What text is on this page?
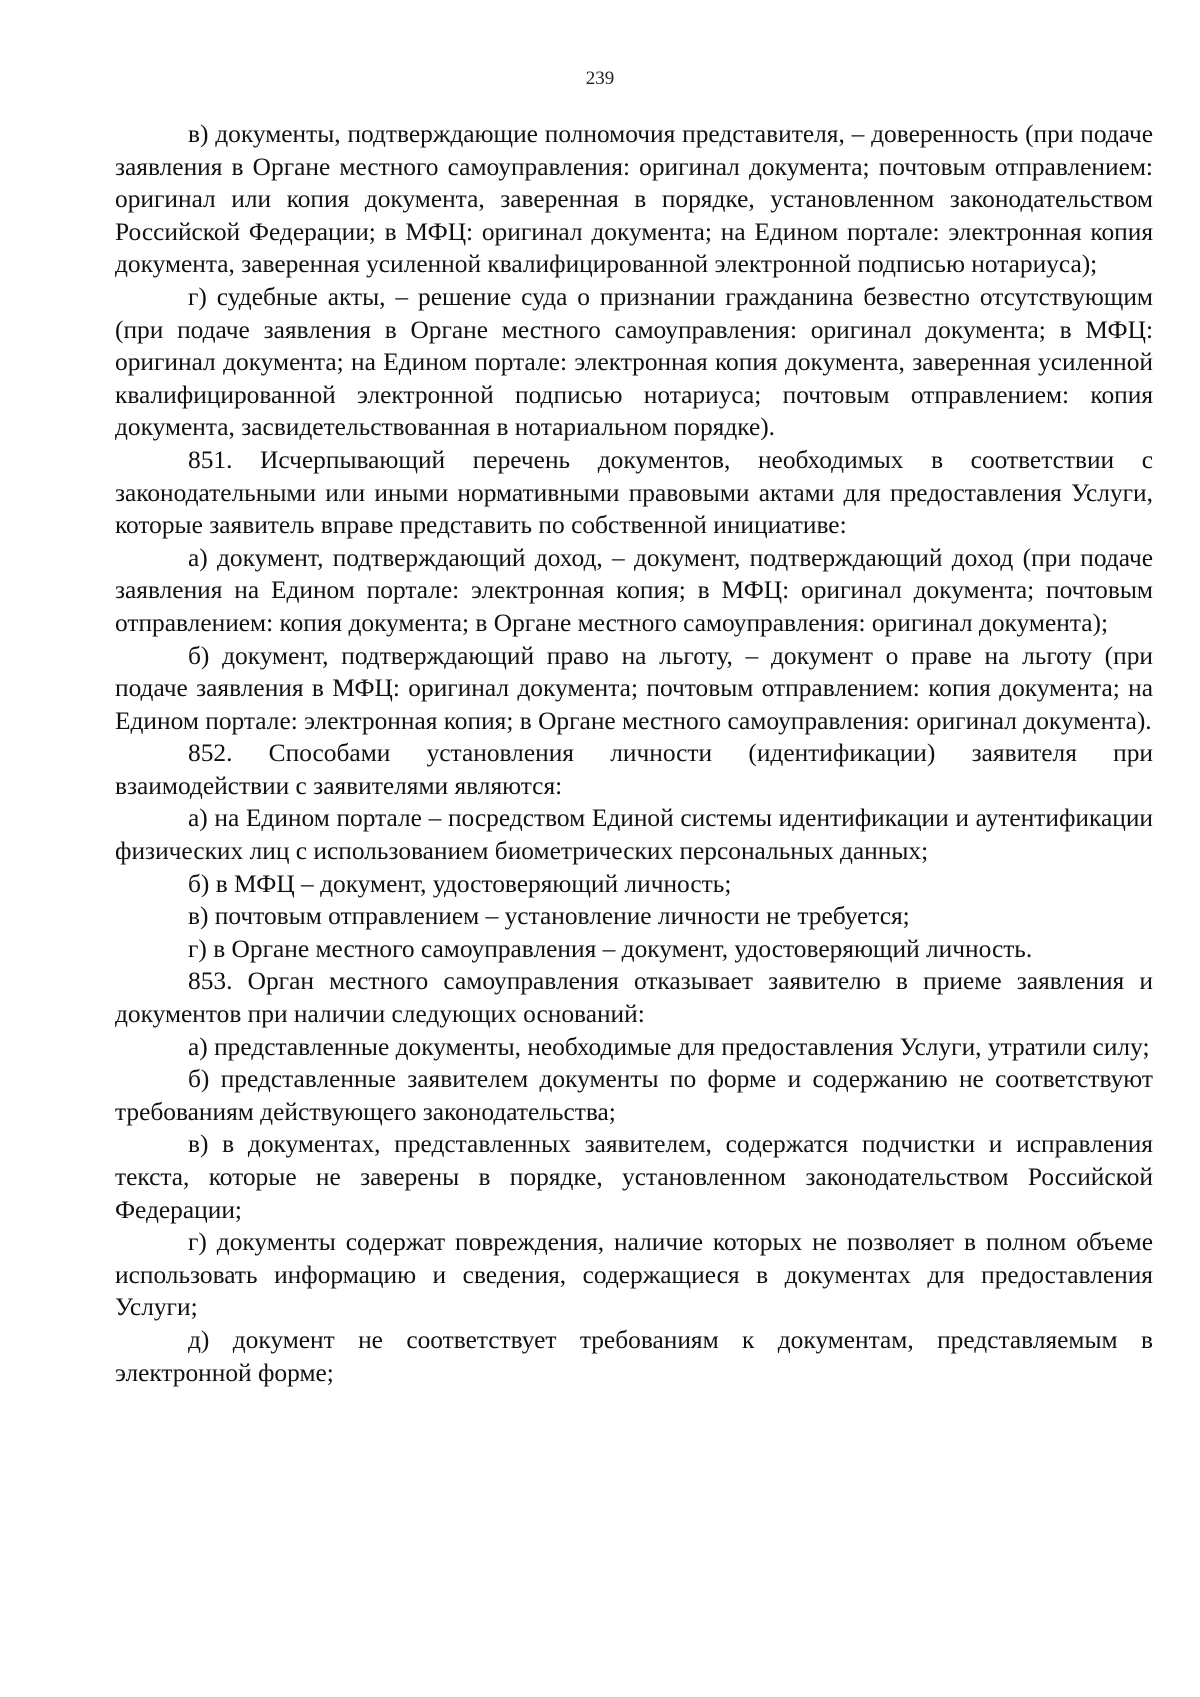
239

в) документы, подтверждающие полномочия представителя, – доверенность (при подаче заявления в Органе местного самоуправления: оригинал документа; почтовым отправлением: оригинал или копия документа, заверенная в порядке, установленном законодательством Российской Федерации; в МФЦ: оригинал документа; на Едином портале: электронная копия документа, заверенная усиленной квалифицированной электронной подписью нотариуса);

г) судебные акты, – решение суда о признании гражданина безвестно отсутствующим (при подаче заявления в Органе местного самоуправления: оригинал документа; в МФЦ: оригинал документа; на Едином портале: электронная копия документа, заверенная усиленной квалифицированной электронной подписью нотариуса; почтовым отправлением: копия документа, засвидетельствованная в нотариальном порядке).

851. Исчерпывающий перечень документов, необходимых в соответствии с законодательными или иными нормативными правовыми актами для предоставления Услуги, которые заявитель вправе представить по собственной инициативе:

а) документ, подтверждающий доход, – документ, подтверждающий доход (при подаче заявления на Едином портале: электронная копия; в МФЦ: оригинал документа; почтовым отправлением: копия документа; в Органе местного самоуправления: оригинал документа);

б) документ, подтверждающий право на льготу, – документ о праве на льготу (при подаче заявления в МФЦ: оригинал документа; почтовым отправлением: копия документа; на Едином портале: электронная копия; в Органе местного самоуправления: оригинал документа).

852. Способами установления личности (идентификации) заявителя при взаимодействии с заявителями являются:

а) на Едином портале – посредством Единой системы идентификации и аутентификации физических лиц с использованием биометрических персональных данных;

б) в МФЦ – документ, удостоверяющий личность;

в) почтовым отправлением – установление личности не требуется;

г) в Органе местного самоуправления – документ, удостоверяющий личность.

853. Орган местного самоуправления отказывает заявителю в приеме заявления и документов при наличии следующих оснований:

а) представленные документы, необходимые для предоставления Услуги, утратили силу;

б) представленные заявителем документы по форме и содержанию не соответствуют требованиям действующего законодательства;

в) в документах, представленных заявителем, содержатся подчистки и исправления текста, которые не заверены в порядке, установленном законодательством Российской Федерации;

г) документы содержат повреждения, наличие которых не позволяет в полном объеме использовать информацию и сведения, содержащиеся в документах для предоставления Услуги;

д) документ не соответствует требованиям к документам, представляемым в электронной форме;
